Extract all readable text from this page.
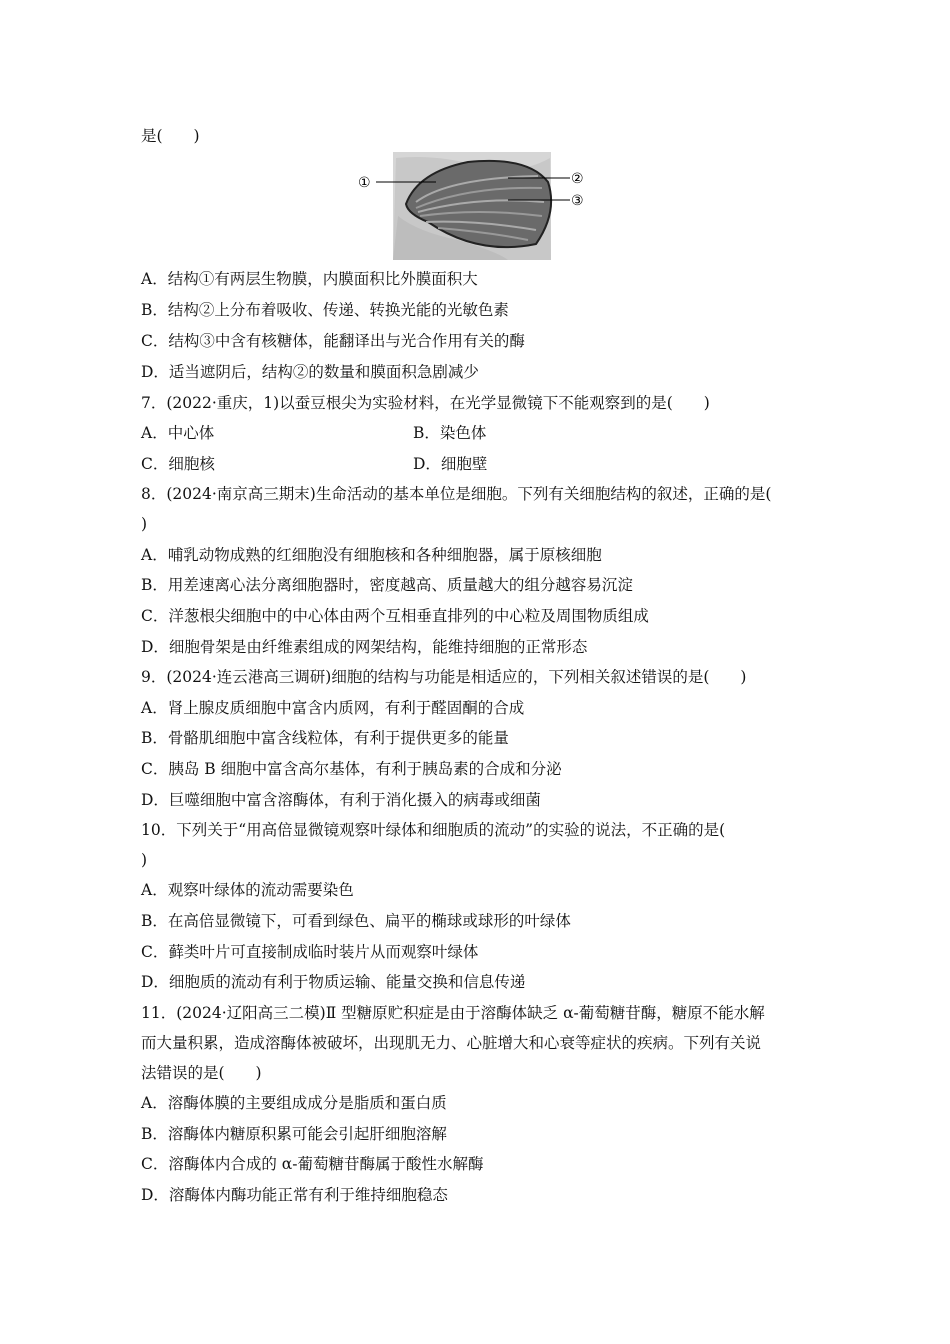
是(　　)
①	②
③
A．结构①有两层生物膜，内膜面积比外膜面积大
B．结构②上分布着吸收、传递、转换光能的光敏色素
C．结构③中含有核糖体，能翻译出与光合作用有关的酶
D．适当遮阴后，结构②的数量和膜面积急剧减少
7．(2022·重庆，1)以蚕豆根尖为实验材料，在光学显微镜下不能观察到的是(　　)
A．中心体	B．染色体
C．细胞核	D．细胞壁
8．(2024·南京高三期末)生命活动的基本单位是细胞。下列有关细胞结构的叙述，正确的是(
)
A．哺乳动物成熟的红细胞没有细胞核和各种细胞器，属于原核细胞
B．用差速离心法分离细胞器时，密度越高、质量越大的组分越容易沉淀
C．洋葱根尖细胞中的中心体由两个互相垂直排列的中心粒及周围物质组成
D．细胞骨架是由纤维素组成的网架结构，能维持细胞的正常形态
9．(2024·连云港高三调研)细胞的结构与功能是相适应的，下列相关叙述错误的是(　　)
A．肾上腺皮质细胞中富含内质网，有利于醛固酮的合成
B．骨骼肌细胞中富含线粒体，有利于提供更多的能量
C．胰岛 B 细胞中富含高尔基体，有利于胰岛素的合成和分泌
D．巨噬细胞中富含溶酶体，有利于消化摄入的病毒或细菌
10．下列关于“用高倍显微镜观察叶绿体和细胞质的流动”的实验的说法，不正确的是(
)
A．观察叶绿体的流动需要染色
B．在高倍显微镜下，可看到绿色、扁平的椭球或球形的叶绿体
C．藓类叶片可直接制成临时装片从而观察叶绿体
D．细胞质的流动有利于物质运输、能量交换和信息传递
11．(2024·辽阳高三二模)Ⅱ 型糖原贮积症是由于溶酶体缺乏 α-葡萄糖苷酶，糖原不能水解
而大量积累，造成溶酶体被破坏，出现肌无力、心脏增大和心衰等症状的疾病。下列有关说
法错误的是(　　)
A．溶酶体膜的主要组成成分是脂质和蛋白质
B．溶酶体内糖原积累可能会引起肝细胞溶解
C．溶酶体内合成的 α-葡萄糖苷酶属于酸性水解酶
D．溶酶体内酶功能正常有利于维持细胞稳态
